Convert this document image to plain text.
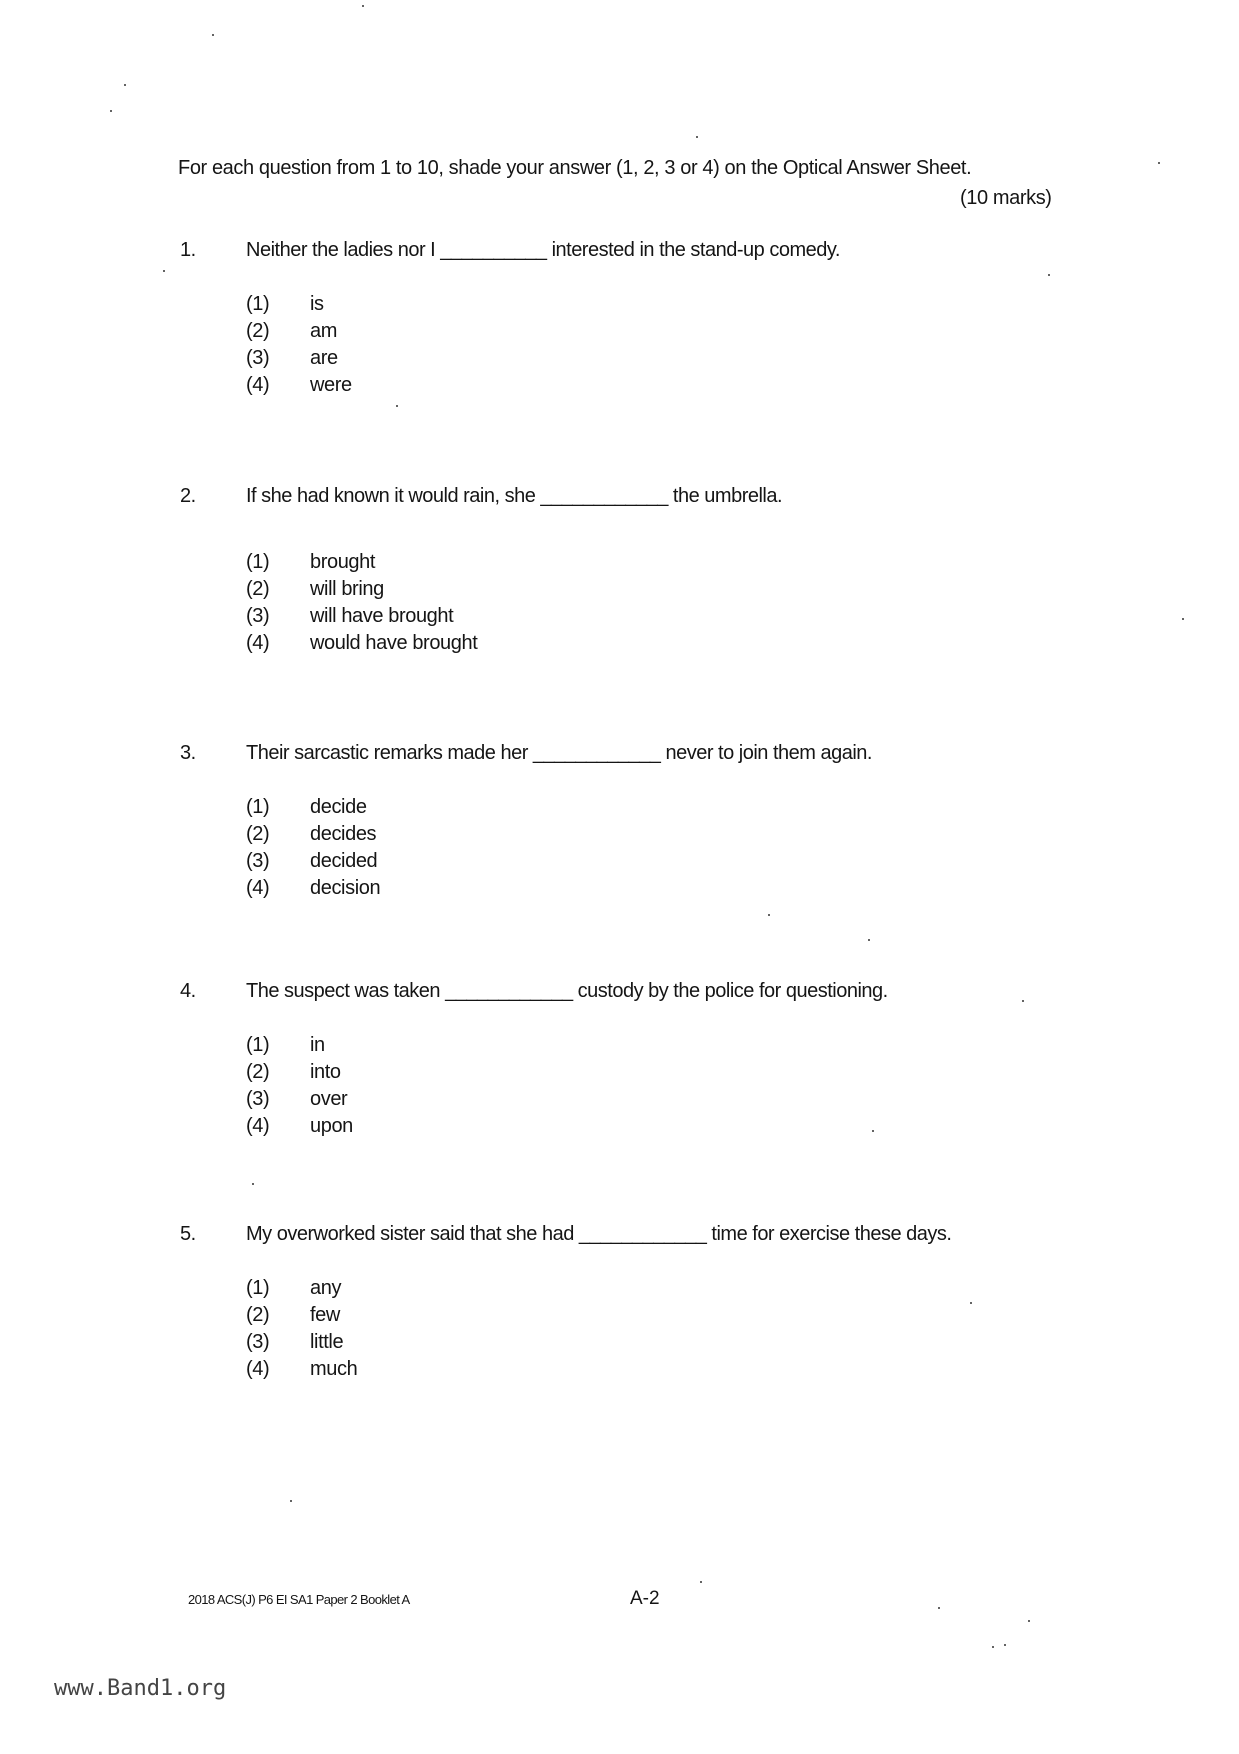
For each question from 1 to 10, shade your answer (1, 2, 3 or 4) on the Optical Answer Sheet.
(10 marks)
1.	Neither the ladies nor I __________ interested in the stand-up comedy.
(1) is
(2) am
(3) are
(4) were
2.	If she had known it would rain, she ____________ the umbrella.
(1) brought
(2) will bring
(3) will have brought
(4) would have brought
3.	Their sarcastic remarks made her ____________ never to join them again.
(1) decide
(2) decides
(3) decided
(4) decision
4.	The suspect was taken ____________ custody by the police for questioning.
(1) in
(2) into
(3) over
(4) upon
5.	My overworked sister said that she had ____________ time for exercise these days.
(1) any
(2) few
(3) little
(4) much
2018 ACS(J) P6 EI SA1 Paper 2 Booklet A	A-2
www.Band1.org
